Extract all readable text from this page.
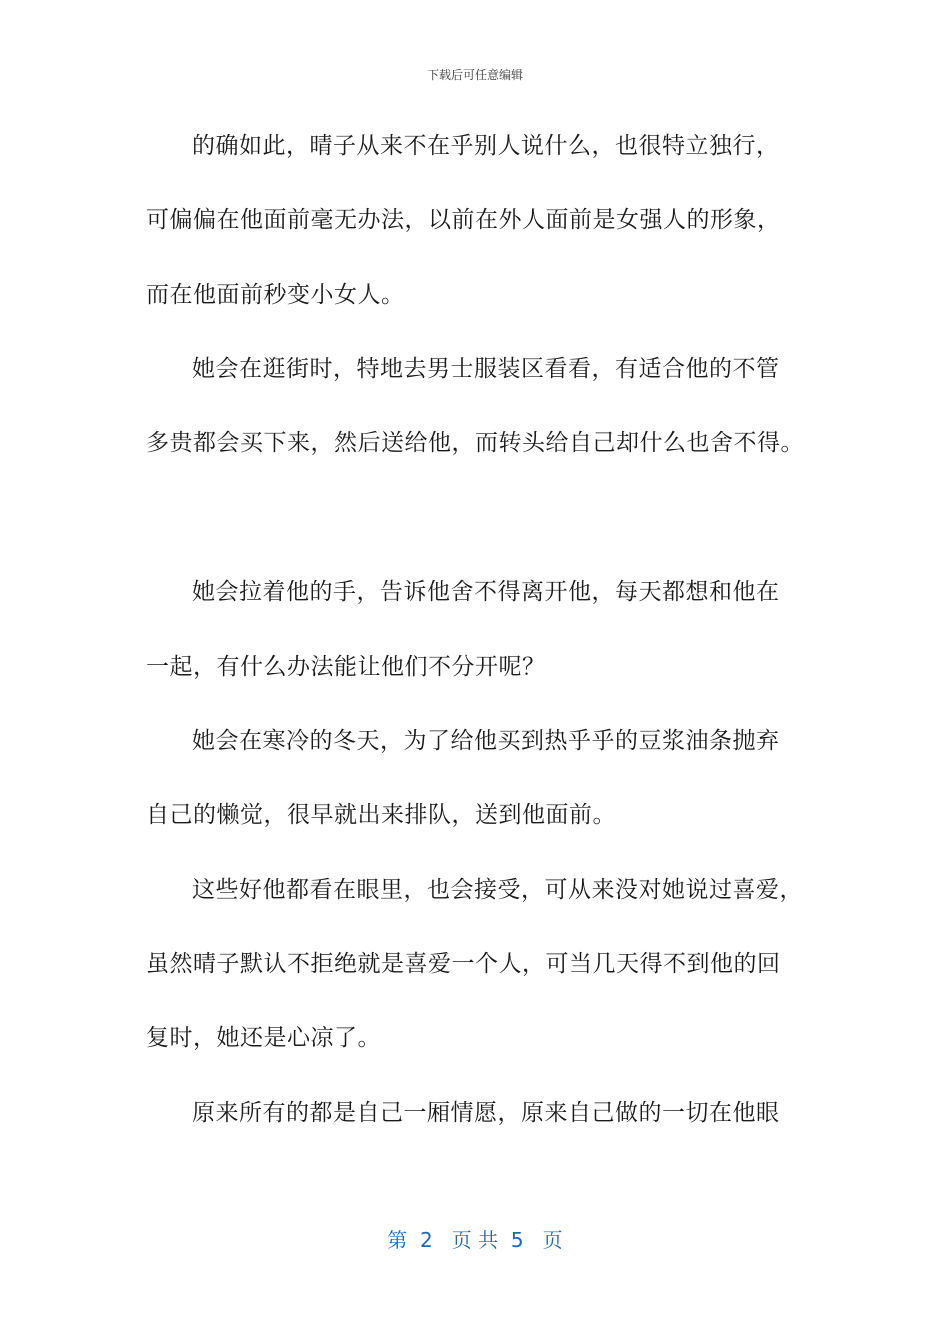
下载后可任意编辑
的确如此，晴子从来不在乎别人说什么，也很特立独行，
可偏偏在他面前毫无办法，以前在外人面前是女强人的形象，
而在他面前秒变小女人。
她会在逛街时，特地去男士服装区看看，有适合他的不管
多贵都会买下来，然后送给他，而转头给自己却什么也舍不得。
她会拉着他的手，告诉他舍不得离开他，每天都想和他在
一起，有什么办法能让他们不分开呢？
她会在寒冷的冬天，为了给他买到热乎乎的豆浆油条抛弃
自己的懒觉，很早就出来排队，送到他面前。
这些好他都看在眼里，也会接受，可从来没对她说过喜爱，
虽然晴子默认不拒绝就是喜爱一个人，可当几天得不到他的回
复时，她还是心凉了。
原来所有的都是自己一厢情愿，原来自己做的一切在他眼
第  2   页 共  5   页
